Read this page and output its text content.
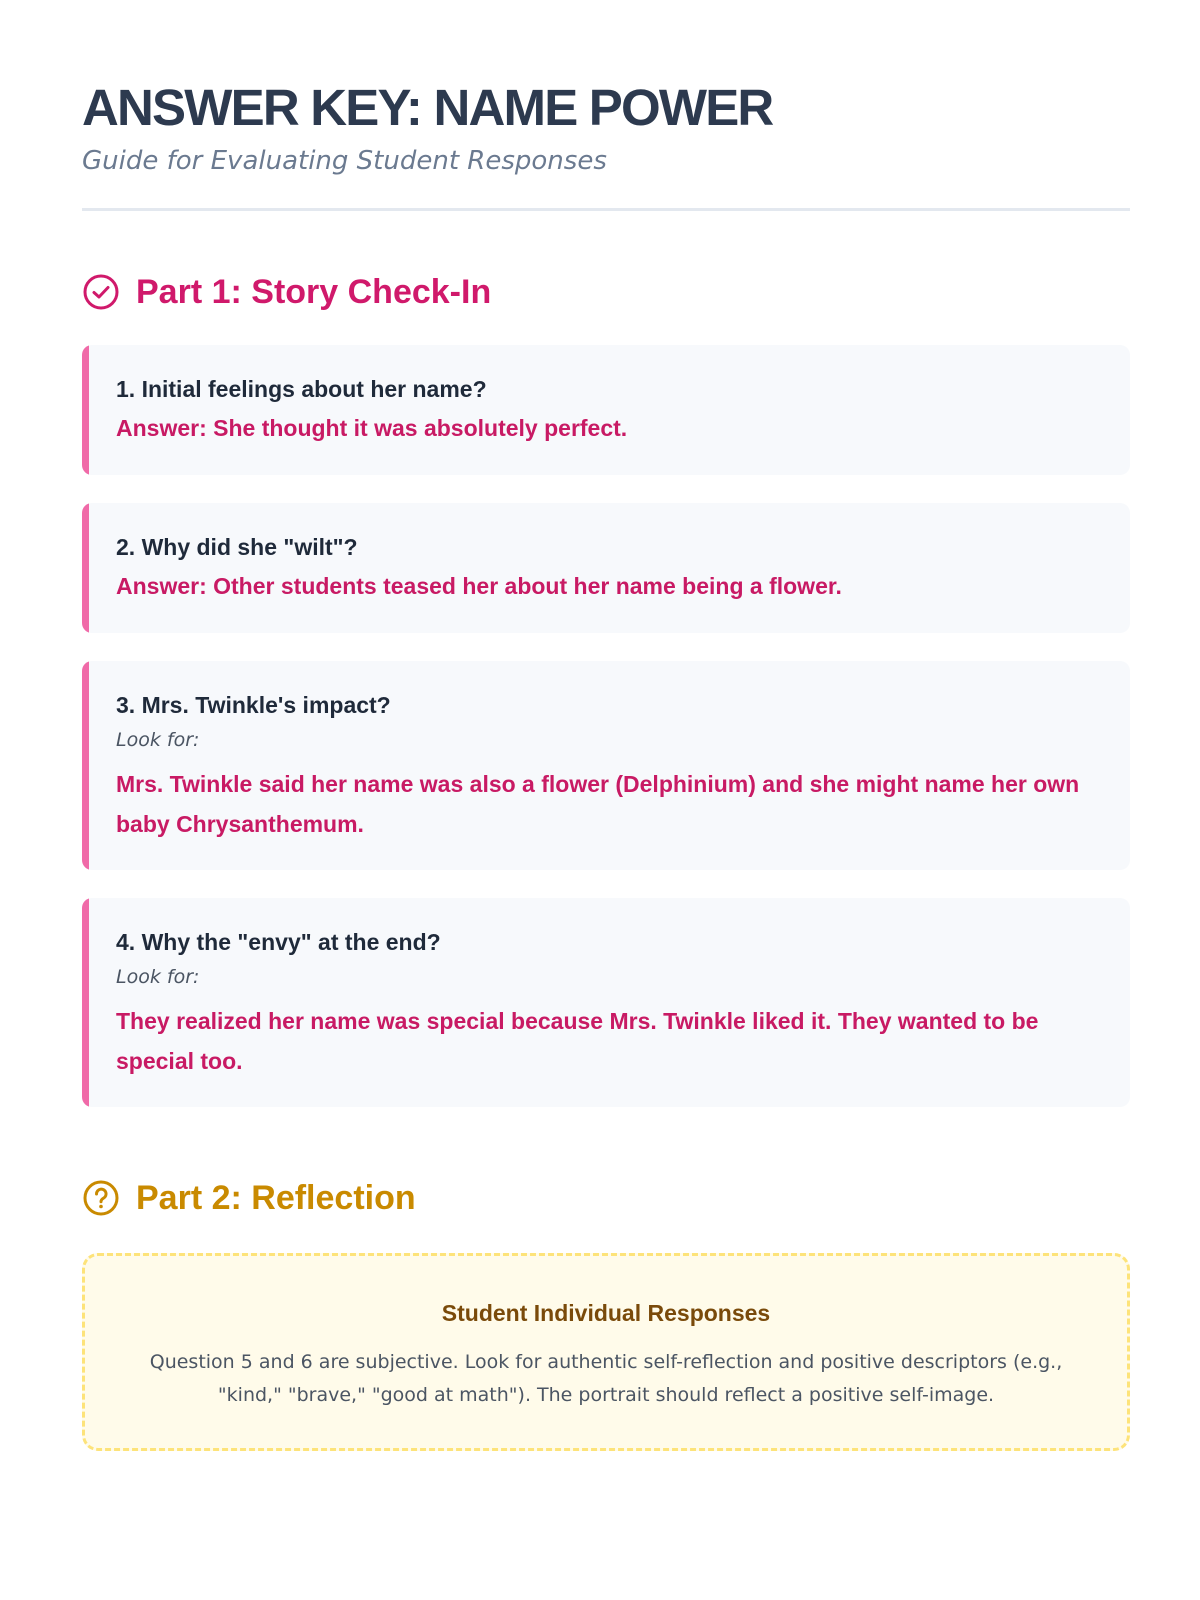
ANSWER KEY: NAME POWER
Guide for Evaluating Student Responses
Part 1: Story Check-In
1. Initial feelings about her name?
Answer: She thought it was absolutely perfect.
2. Why did she "wilt"?
Answer: Other students teased her about her name being a flower.
3. Mrs. Twinkle's impact?
Look for:
Mrs. Twinkle said her name was also a flower (Delphinium) and she might name her own baby Chrysanthemum.
4. Why the "envy" at the end?
Look for:
They realized her name was special because Mrs. Twinkle liked it. They wanted to be special too.
Part 2: Reflection
Student Individual Responses
Question 5 and 6 are subjective. Look for authentic self-reflection and positive descriptors (e.g., "kind," "brave," "good at math"). The portrait should reflect a positive self-image.
